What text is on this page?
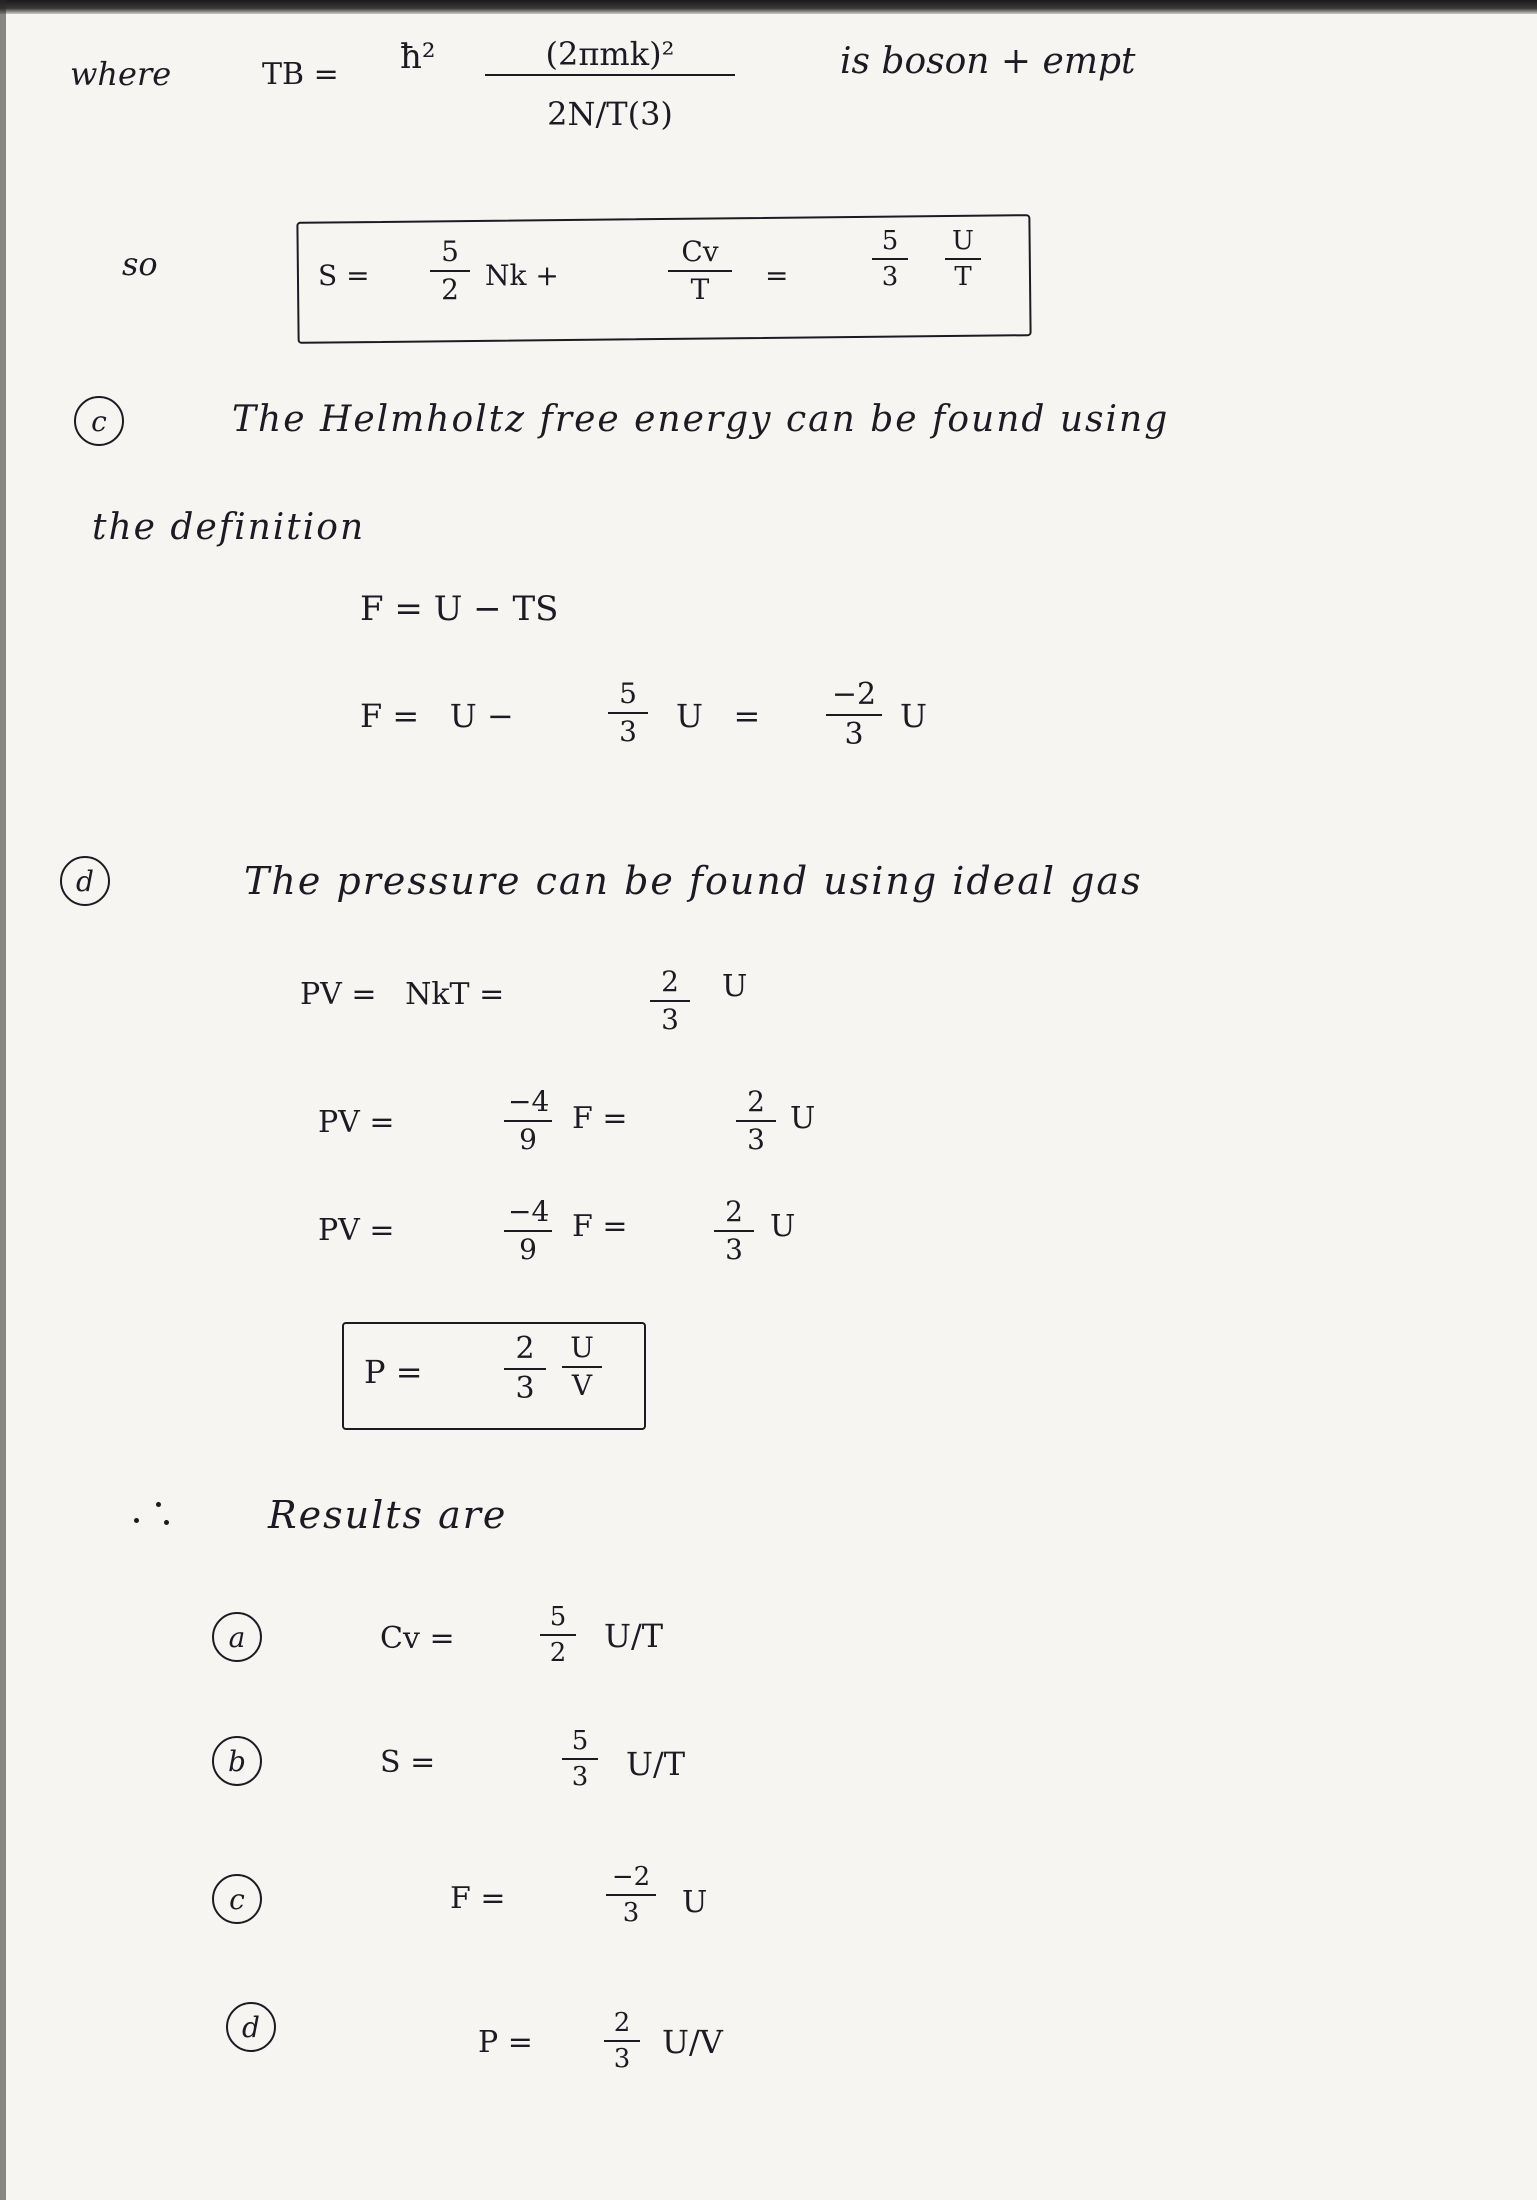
where	TB = ħ²	(2πmk)²
2N/T(3)
is boson + empt
so	$S = \frac{5}{2}$ Nk +	$\frac{Cv}{T}$ =	$\frac{5}{3} \frac{U}{T}$
c	The Helmholtz free energy can be found using
the definition
F = U − TS
F =   U −	$\frac{5}{3}$ $U = \frac{-2}{3}$ U
d	The pressure can be found using ideal gas
PV =   NkT =	$\frac{2}{3}$ U
PV =	$\frac{-4}{9}$ F =	$\frac{2}{3}$ U
PV =	$\frac{-4}{9}$ F =	$\frac{2}{3}$ U
P =	$\frac{2}{3} \frac{U}{V}$
Results are
a	Cv =	$\frac{5}{2} U/T$
b	S =	$\frac{5}{3} U/T$
c	F =	$\frac{-2}{3}$ U
d	P =	$\frac{2}{3} U/V$
